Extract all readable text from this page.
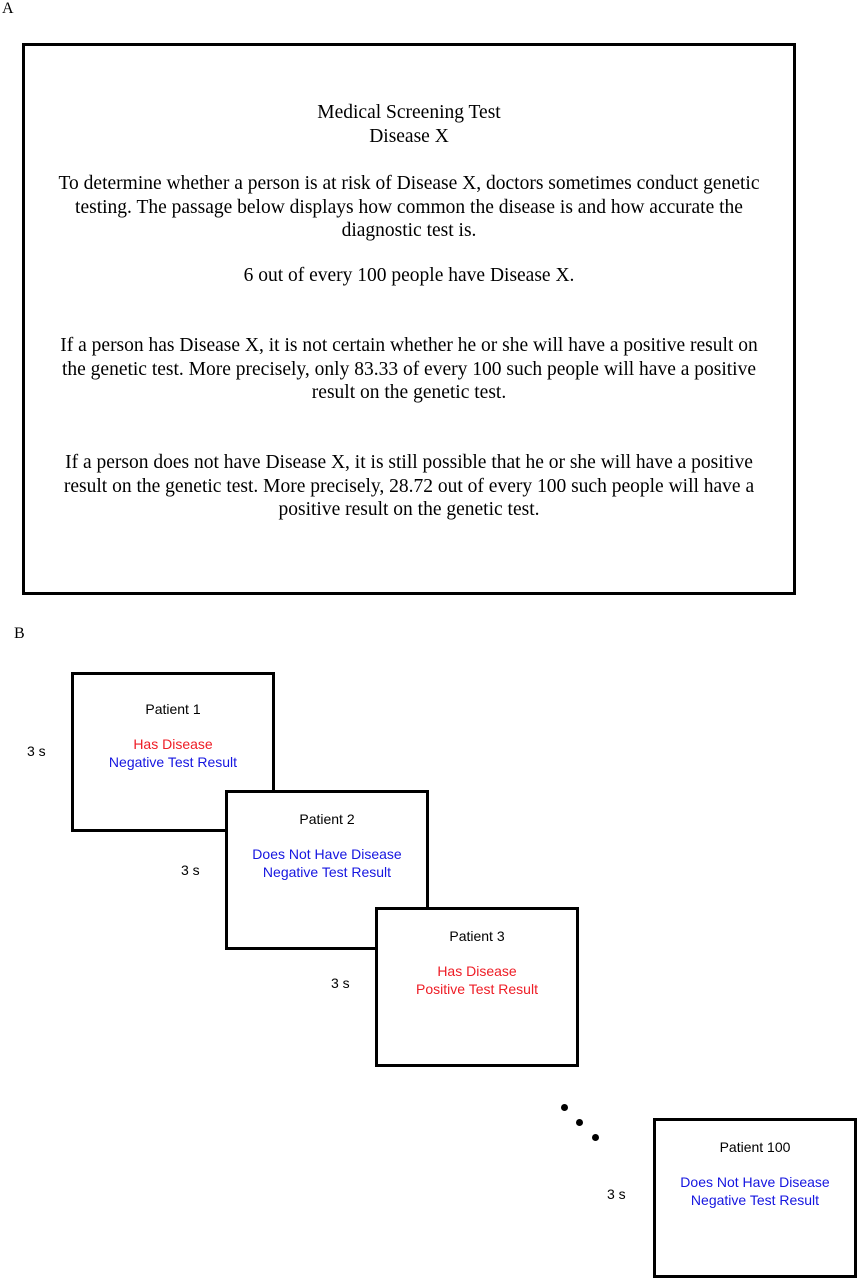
A
Medical Screening Test
Disease X
To determine whether a person is at risk of Disease X, doctors sometimes conduct genetic testing. The passage below displays how common the disease is and how accurate the diagnostic test is.
6 out of every 100 people have Disease X.
If a person has Disease X, it is not certain whether he or she will have a positive result on the genetic test. More precisely, only 83.33 of every 100 such people will have a positive result on the genetic test.
If a person does not have Disease X, it is still possible that he or she will have a positive result on the genetic test. More precisely, 28.72 out of every 100 such people will have a positive result on the genetic test.
B
3 s
Patient 1
Has Disease
Negative Test Result
3 s
Patient 2
Does Not Have Disease
Negative Test Result
3 s
Patient 3
Has Disease
Positive Test Result
3 s
Patient 100
Does Not Have Disease
Negative Test Result
